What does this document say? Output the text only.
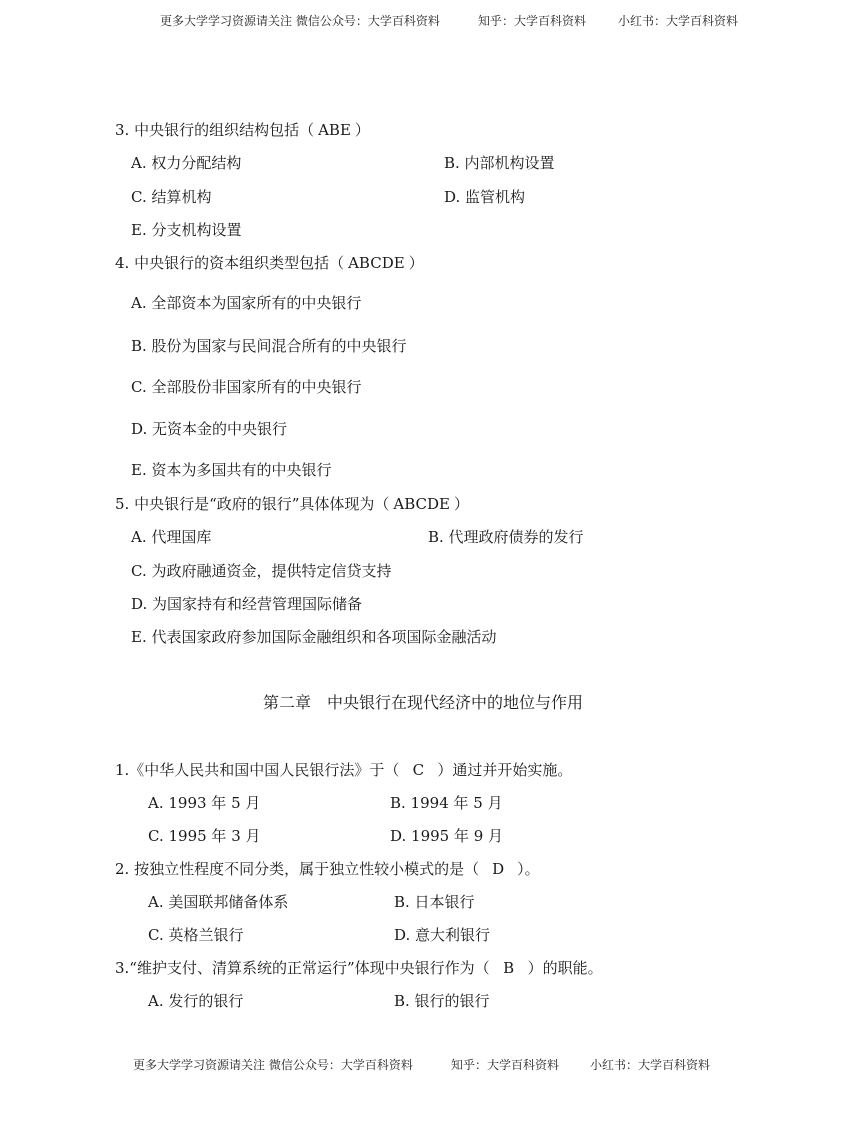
更多大学学习资源请关注 微信公众号：大学百科资料	知乎：大学百科资料	小红书：大学百科资料
3. 中央银行的组织结构包括（ ABE ）
A. 权力分配结构	B. 内部机构设置
C. 结算机构	D. 监管机构
E. 分支机构设置
4. 中央银行的资本组织类型包括（ ABCDE ）
A. 全部资本为国家所有的中央银行
B. 股份为国家与民间混合所有的中央银行
C. 全部股份非国家所有的中央银行
D. 无资本金的中央银行
E. 资本为多国共有的中央银行
5. 中央银行是“政府的银行”具体体现为（ ABCDE ）
A. 代理国库	B. 代理政府债券的发行
C. 为政府融通资金，提供特定信贷支持
D. 为国家持有和经营管理国际储备
E. 代表国家政府参加国际金融组织和各项国际金融活动
第二章　中央银行在现代经济中的地位与作用
1.《中华人民共和国中国人民银行法》于（ C ）通过并开始实施。
A. 1993 年 5 月	B. 1994 年 5 月
C. 1995 年 3 月	D. 1995 年 9 月
2. 按独立性程度不同分类，属于独立性较小模式的是（ D ）。
A. 美国联邦储备体系	B. 日本银行
C. 英格兰银行	D. 意大利银行
3.“维护支付、清算系统的正常运行”体现中央银行作为（ B ）的职能。
A. 发行的银行	B. 银行的银行
更多大学学习资源请关注 微信公众号：大学百科资料	知乎：大学百科资料	小红书：大学百科资料
